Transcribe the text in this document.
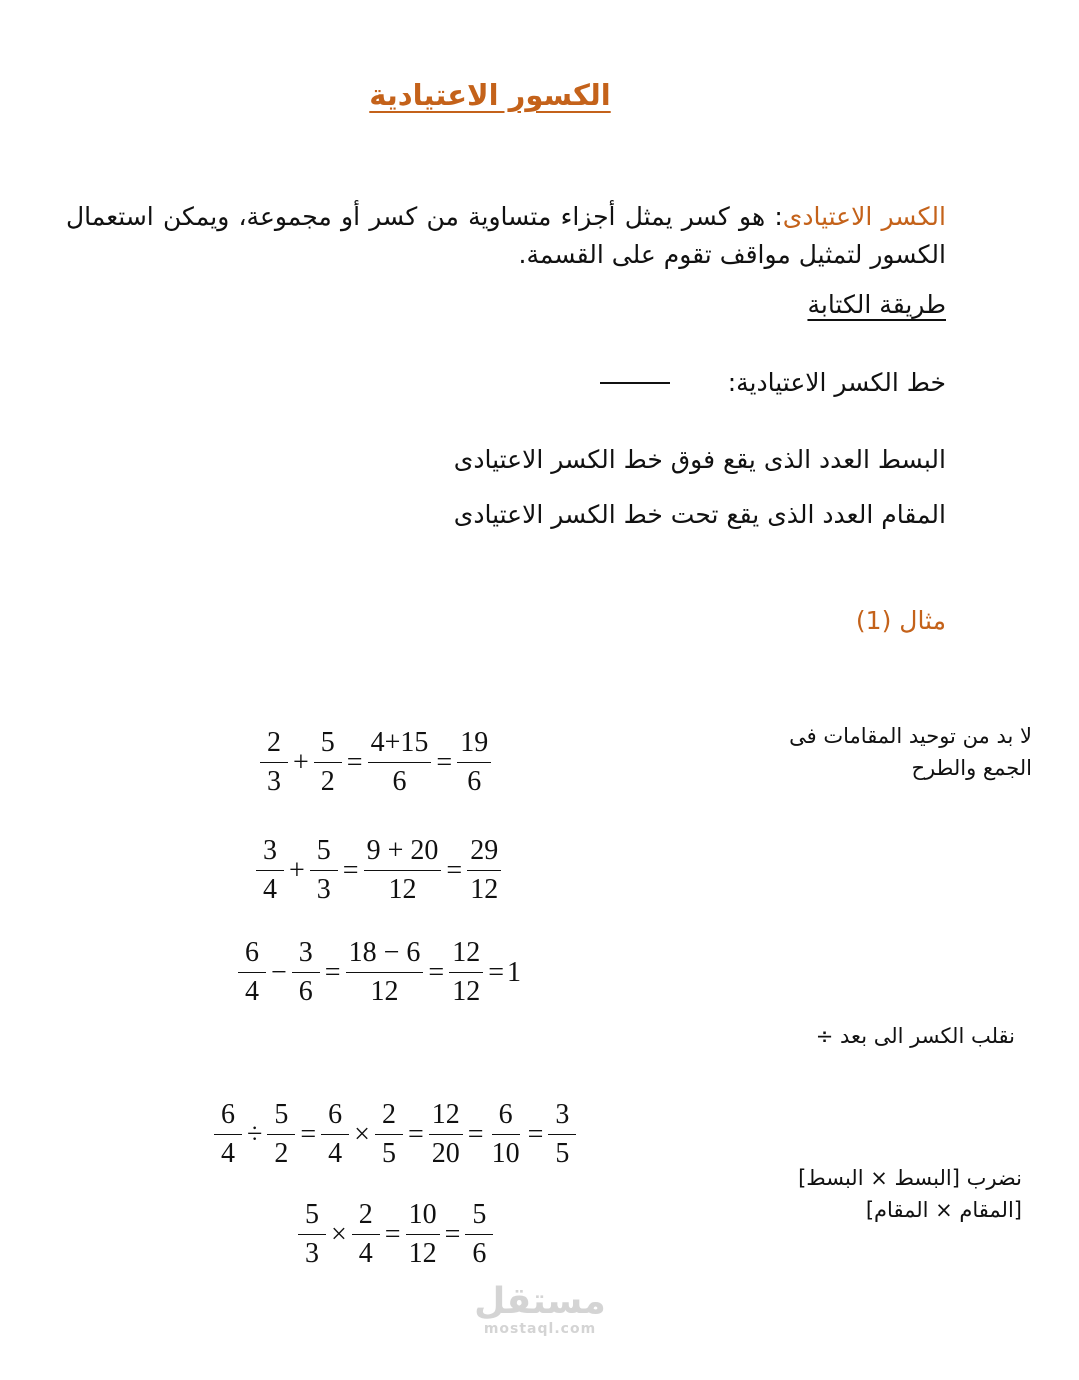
الكسور الاعتيادية
الكسر الاعتيادى: هو كسر يمثل أجزاء متساوية من كسر أو مجموعة، ويمكن استعمال الكسور لتمثيل مواقف تقوم على القسمة.
طريقة الكتابة
خط الكسر الاعتيادية:
البسط العدد الذى يقع فوق خط الكسر الاعتيادى
المقام العدد الذى يقع تحت خط الكسر الاعتيادى
مثال (1)
لا بد من توحيد المقامات فى الجمع والطرح
$\frac{2}{3} + \frac{5}{2} = \frac{4+15}{6} = \frac{19}{6}$
$\frac{3}{4} + \frac{5}{3} = \frac{9 + 20}{12} = \frac{29}{12}$
$\frac{6}{4} - \frac{3}{6} = \frac{18 - 6}{12} = \frac{12}{12} = 1$
نقلب الكسر الى بعد ÷
$\frac{6}{4} \div \frac{5}{2} = \frac{6}{4} \times \frac{2}{5} = \frac{12}{20} = \frac{6}{10} = \frac{3}{5}$
نضرب [البسط × البسط]
[المقام × المقام]
$\frac{5}{3} \times \frac{2}{4} = \frac{10}{12} = \frac{5}{6}$
مستقل
mostaql.com
